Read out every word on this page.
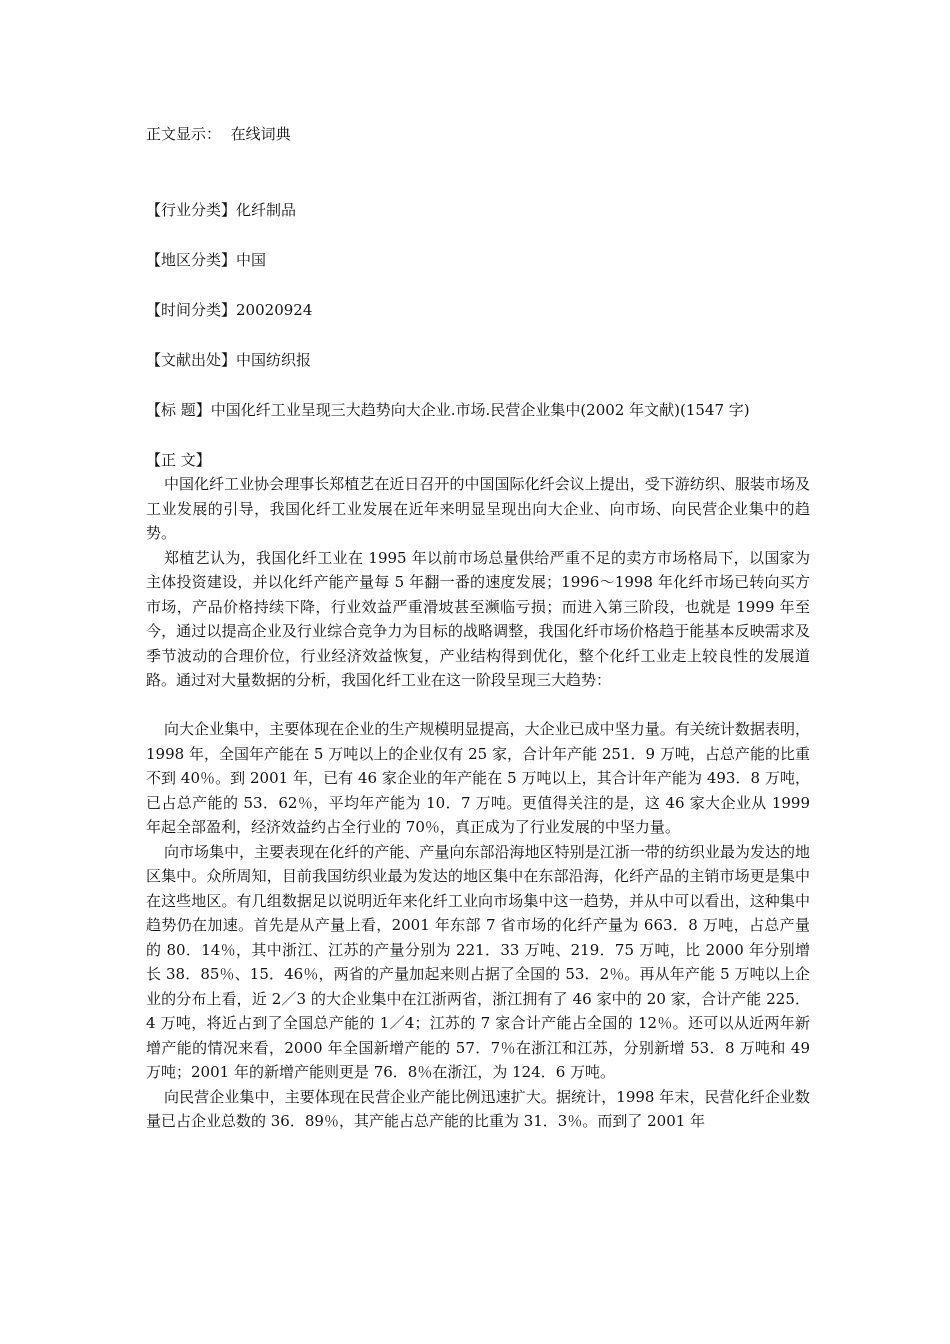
正文显示： 在线词典

【行业分类】化纤制品

【地区分类】中国

【时间分类】20020924

【文献出处】中国纺织报

【标 题】中国化纤工业呈现三大趋势向大企业.市场.民营企业集中(2002 年文献)(1547 字)

【正 文】

中国化纤工业协会理事长郑植艺在近日召开的中国国际化纤会议上提出，受下游纺织、服装市场及工业发展的引导，我国化纤工业发展在近年来明显呈现出向大企业、向市场、向民营企业集中的趋势。

郑植艺认为，我国化纤工业在 1995 年以前市场总量供给严重不足的卖方市场格局下，以国家为主体投资建设，并以化纤产能产量每 5 年翻一番的速度发展；1996～1998 年化纤市场已转向买方市场，产品价格持续下降，行业效益严重滑坡甚至濒临亏损；而进入第三阶段，也就是 1999 年至今，通过以提高企业及行业综合竞争力为目标的战略调整，我国化纤市场价格趋于能基本反映需求及季节波动的合理价位，行业经济效益恢复，产业结构得到优化，整个化纤工业走上较良性的发展道路。通过对大量数据的分析，我国化纤工业在这一阶段呈现三大趋势：

向大企业集中，主要体现在企业的生产规模明显提高，大企业已成中坚力量。有关统计数据表明，1998 年，全国年产能在 5 万吨以上的企业仅有 25 家，合计年产能 251．9 万吨，占总产能的比重不到 40％。到 2001 年，已有 46 家企业的年产能在 5 万吨以上，其合计年产能为 493．8 万吨，已占总产能的 53．62％，平均年产能为 10．7 万吨。更值得关注的是，这 46 家大企业从 1999 年起全部盈利，经济效益约占全行业的 70％，真正成为了行业发展的中坚力量。

向市场集中，主要表现在化纤的产能、产量向东部沿海地区特别是江浙一带的纺织业最为发达的地区集中。众所周知，目前我国纺织业最为发达的地区集中在东部沿海，化纤产品的主销市场更是集中在这些地区。有几组数据足以说明近年来化纤工业向市场集中这一趋势，并从中可以看出，这种集中趋势仍在加速。首先是从产量上看，2001 年东部 7 省市场的化纤产量为 663．8 万吨，占总产量的 80．14％，其中浙江、江苏的产量分别为 221．33 万吨、219．75 万吨，比 2000 年分别增长 38．85％、15．46％，两省的产量加起来则占据了全国的 53．2％。再从年产能 5 万吨以上企业的分布上看，近 2／3 的大企业集中在江浙两省，浙江拥有了 46 家中的 20 家，合计产能 225．4 万吨，将近占到了全国总产能的 1／4；江苏的 7 家合计产能占全国的 12％。还可以从近两年新增产能的情况来看，2000 年全国新增产能的 57．7％在浙江和江苏，分别新增 53．8 万吨和 49 万吨；2001 年的新增产能则更是 76．8％在浙江，为 124．6 万吨。

向民营企业集中，主要体现在民营企业产能比例迅速扩大。据统计，1998 年末，民营化纤企业数量已占企业总数的 36．89％，其产能占总产能的比重为 31．3％。而到了 2001 年
